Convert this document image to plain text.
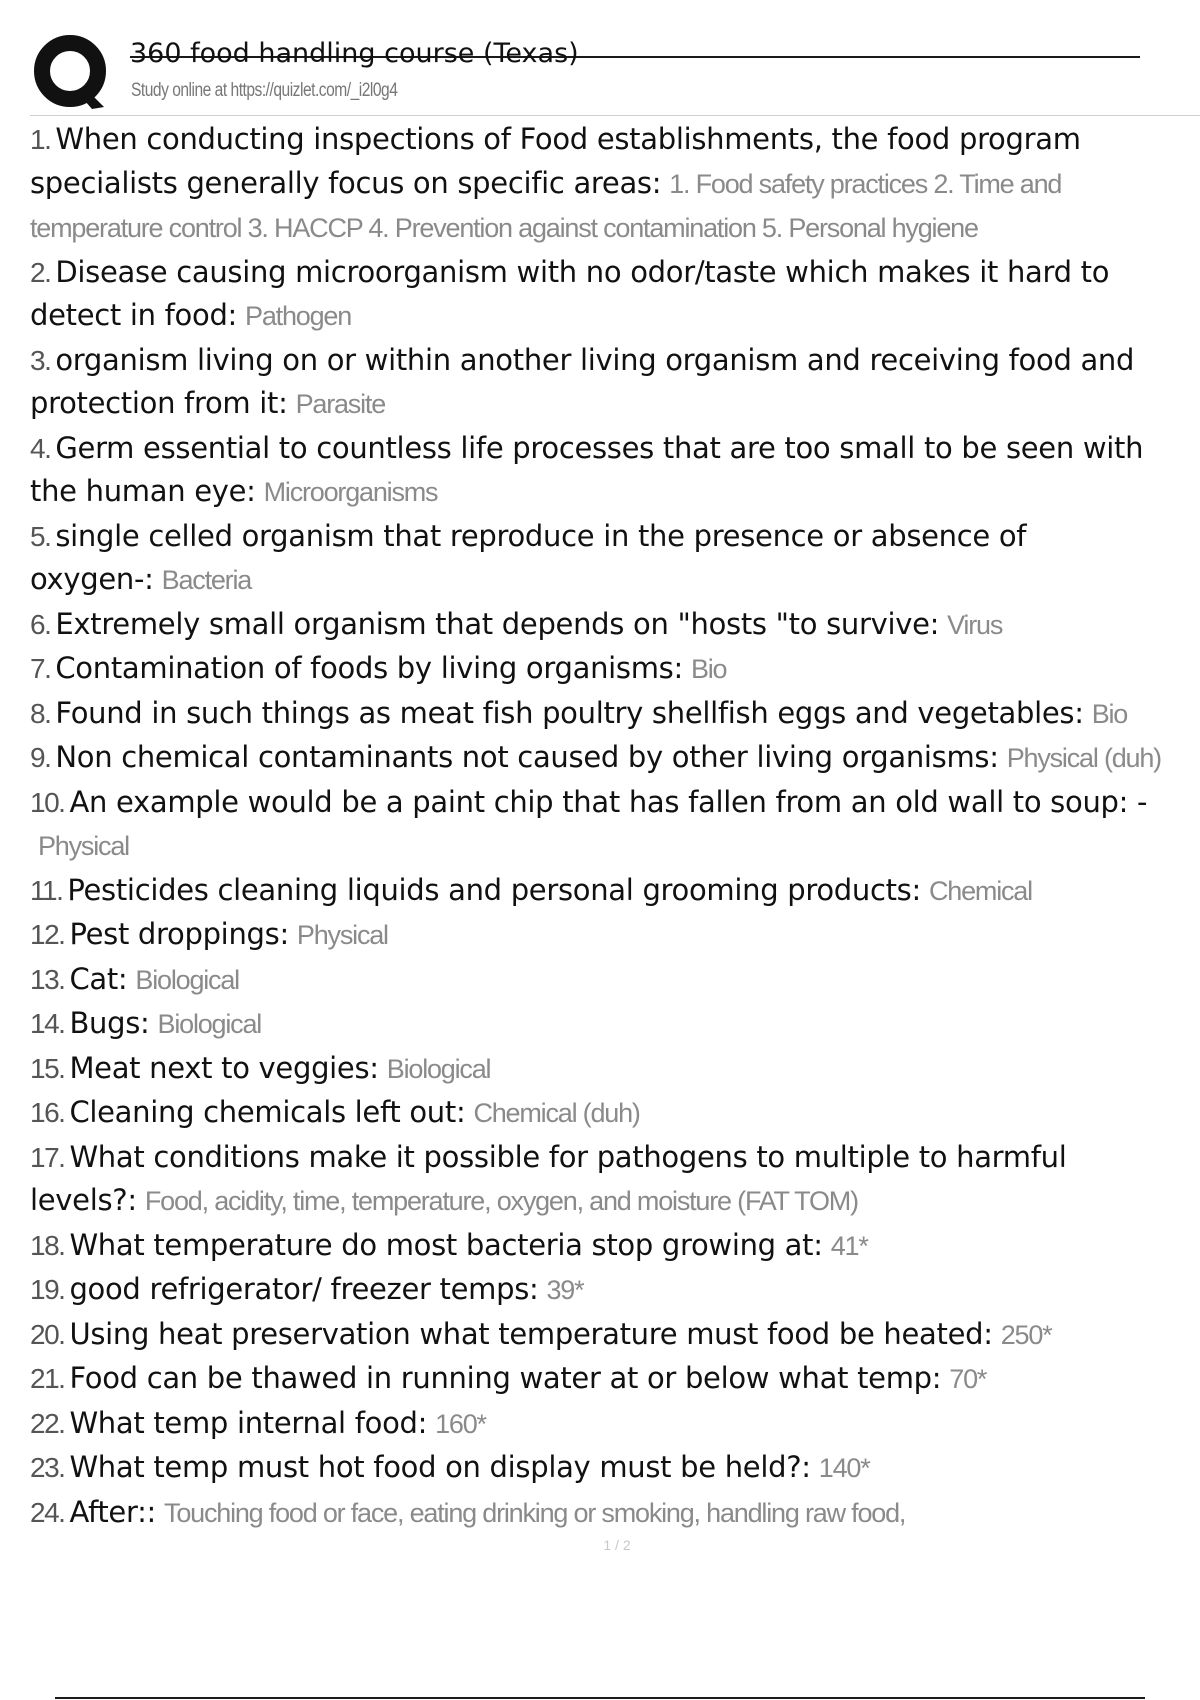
360 food handling course (Texas)
Study online at https://quizlet.com/_i2l0g4
1. When conducting inspections of Food establishments, the food program specialists generally focus on specific areas: 1. Food safety practices 2. Time and temperature control 3. HACCP 4. Prevention against contamination 5. Personal hygiene
2. Disease causing microorganism with no odor/taste which makes it hard to detect in food: Pathogen
3. organism living on or within another living organism and receiving food and protection from it: Parasite
4. Germ essential to countless life processes that are too small to be seen with the human eye: Microorganisms
5. single celled organism that reproduce in the presence or absence of oxygen-: Bacteria
6. Extremely small organism that depends on "hosts "to survive: Virus
7. Contamination of foods by living organisms: Bio
8. Found in such things as meat fish poultry shellfish eggs and vegetables: Bio
9. Non chemical contaminants not caused by other living organisms: Physical (duh)
10. An example would be a paint chip that has fallen from an old wall to soup: -Physical
11. Pesticides cleaning liquids and personal grooming products: Chemical
12. Pest droppings: Physical
13. Cat: Biological
14. Bugs: Biological
15. Meat next to veggies: Biological
16. Cleaning chemicals left out: Chemical (duh)
17. What conditions make it possible for pathogens to multiple to harmful levels?: Food, acidity, time, temperature, oxygen, and moisture (FAT TOM)
18. What temperature do most bacteria stop growing at: 41*
19. good refrigerator/ freezer temps: 39*
20. Using heat preservation what temperature must food be heated: 250*
21. Food can be thawed in running water at or below what temp: 70*
22. What temp internal food: 160*
23. What temp must hot food on display must be held?: 140*
24. After:: Touching food or face, eating drinking or smoking, handling raw food,
1 / 2
